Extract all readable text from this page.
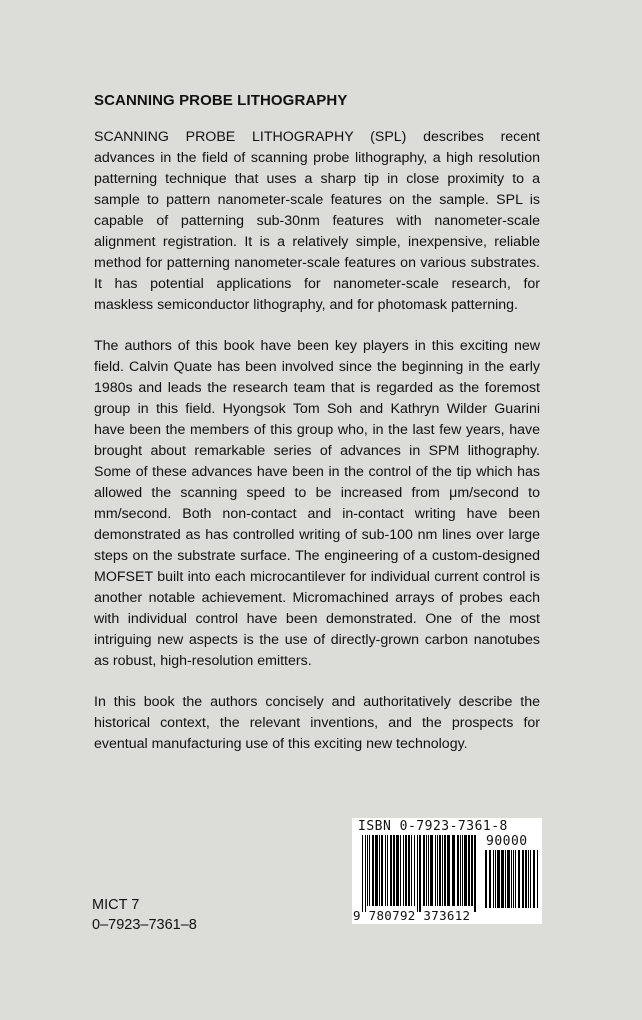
SCANNING PROBE LITHOGRAPHY

SCANNING PROBE LITHOGRAPHY (SPL) describes recent advances in the field of scanning probe lithography, a high resolution patterning technique that uses a sharp tip in close proximity to a sample to pattern nanometer-scale features on the sample. SPL is capable of patterning sub-30nm features with nanometer-scale alignment registration. It is a relatively simple, inexpensive, reliable method for patterning nanometer-scale features on various substrates. It has potential applications for nanometer-scale research, for maskless semiconductor lithography, and for photomask patterning.

The authors of this book have been key players in this exciting new field. Calvin Quate has been involved since the beginning in the early 1980s and leads the research team that is regarded as the foremost group in this field. Hyongsok Tom Soh and Kathryn Wilder Guarini have been the members of this group who, in the last few years, have brought about remarkable series of advances in SPM lithography. Some of these advances have been in the control of the tip which has allowed the scanning speed to be increased from μm/second to mm/second. Both non-contact and in-contact writing have been demonstrated as has controlled writing of sub-100 nm lines over large steps on the substrate surface. The engineering of a custom-designed MOFSET built into each microcantilever for individual current control is another notable achievement. Micromachined arrays of probes each with individual control have been demonstrated. One of the most intriguing new aspects is the use of directly-grown carbon nanotubes as robust, high-resolution emitters.

In this book the authors concisely and authoritatively describe the historical context, the relevant inventions, and the prospects for eventual manufacturing use of this exciting new technology.

MICT 7
0–7923–7361–8
ISBN 0-7923-7361-8
90000
9 780792 373612
